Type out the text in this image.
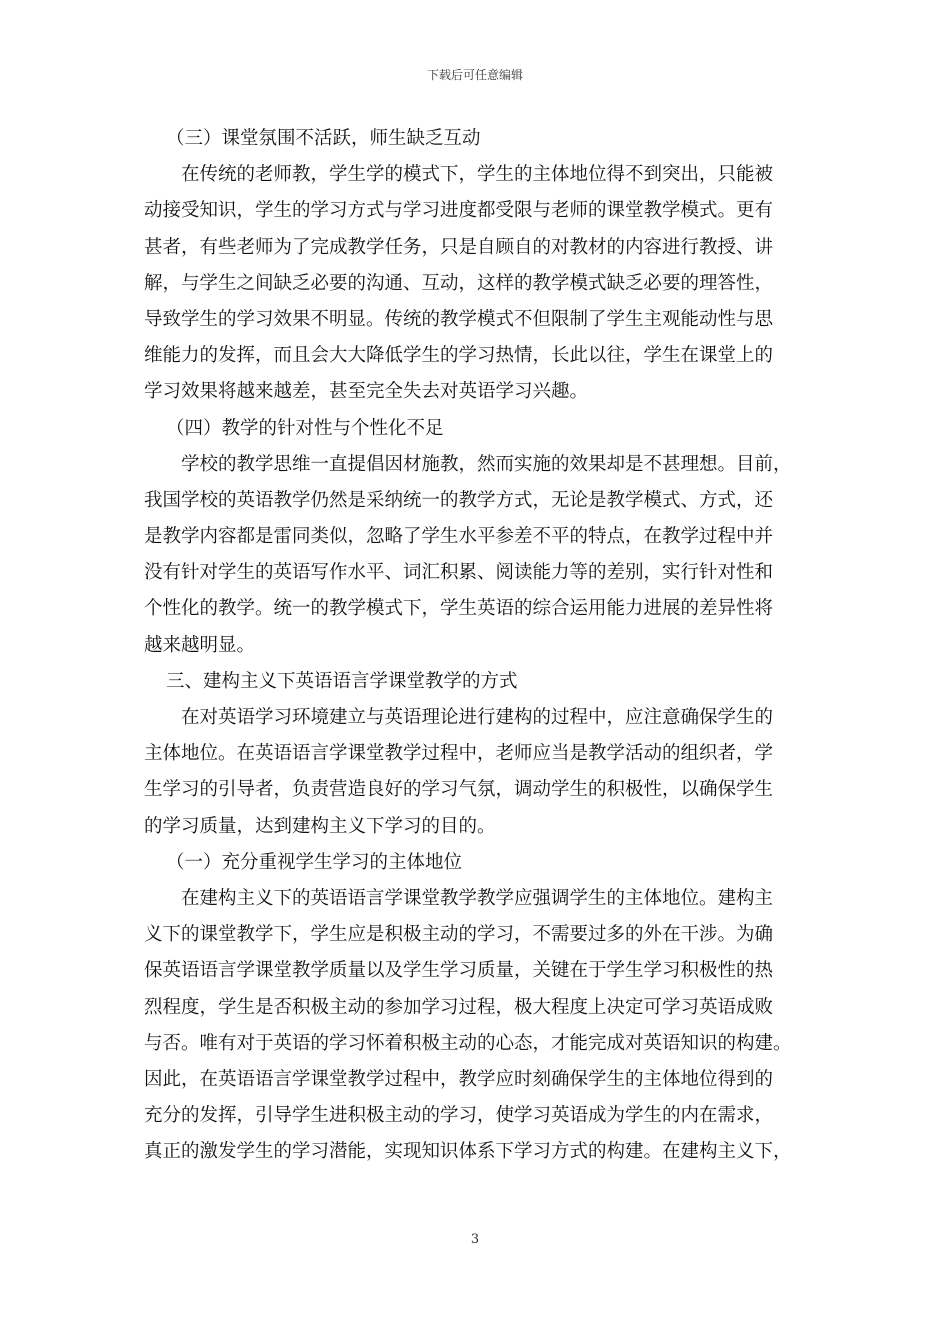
下载后可任意编辑
（三）课堂氛围不活跃，师生缺乏互动
在传统的老师教，学生学的模式下，学生的主体地位得不到突出，只能被
动接受知识，学生的学习方式与学习进度都受限与老师的课堂教学模式。更有
甚者，有些老师为了完成教学任务，只是自顾自的对教材的内容进行教授、讲
解，与学生之间缺乏必要的沟通、互动，这样的教学模式缺乏必要的理答性，
导致学生的学习效果不明显。传统的教学模式不但限制了学生主观能动性与思
维能力的发挥，而且会大大降低学生的学习热情，长此以往，学生在课堂上的
学习效果将越来越差，甚至完全失去对英语学习兴趣。
（四）教学的针对性与个性化不足
学校的教学思维一直提倡因材施教，然而实施的效果却是不甚理想。目前，
我国学校的英语教学仍然是采纳统一的教学方式，无论是教学模式、方式，还
是教学内容都是雷同类似，忽略了学生水平参差不平的特点，在教学过程中并
没有针对学生的英语写作水平、词汇积累、阅读能力等的差别，实行针对性和
个性化的教学。统一的教学模式下，学生英语的综合运用能力进展的差异性将
越来越明显。
三、建构主义下英语语言学课堂教学的方式
在对英语学习环境建立与英语理论进行建构的过程中，应注意确保学生的
主体地位。在英语语言学课堂教学过程中，老师应当是教学活动的组织者，学
生学习的引导者，负责营造良好的学习气氛，调动学生的积极性，以确保学生
的学习质量，达到建构主义下学习的目的。
（一）充分重视学生学习的主体地位
在建构主义下的英语语言学课堂教学教学应强调学生的主体地位。建构主
义下的课堂教学下，学生应是积极主动的学习，不需要过多的外在干涉。为确
保英语语言学课堂教学质量以及学生学习质量，关键在于学生学习积极性的热
烈程度，学生是否积极主动的参加学习过程，极大程度上决定可学习英语成败
与否。唯有对于英语的学习怀着积极主动的心态，才能完成对英语知识的构建。
因此，在英语语言学课堂教学过程中，教学应时刻确保学生的主体地位得到的
充分的发挥，引导学生进积极主动的学习，使学习英语成为学生的内在需求，
真正的激发学生的学习潜能，实现知识体系下学习方式的构建。在建构主义下，
3
